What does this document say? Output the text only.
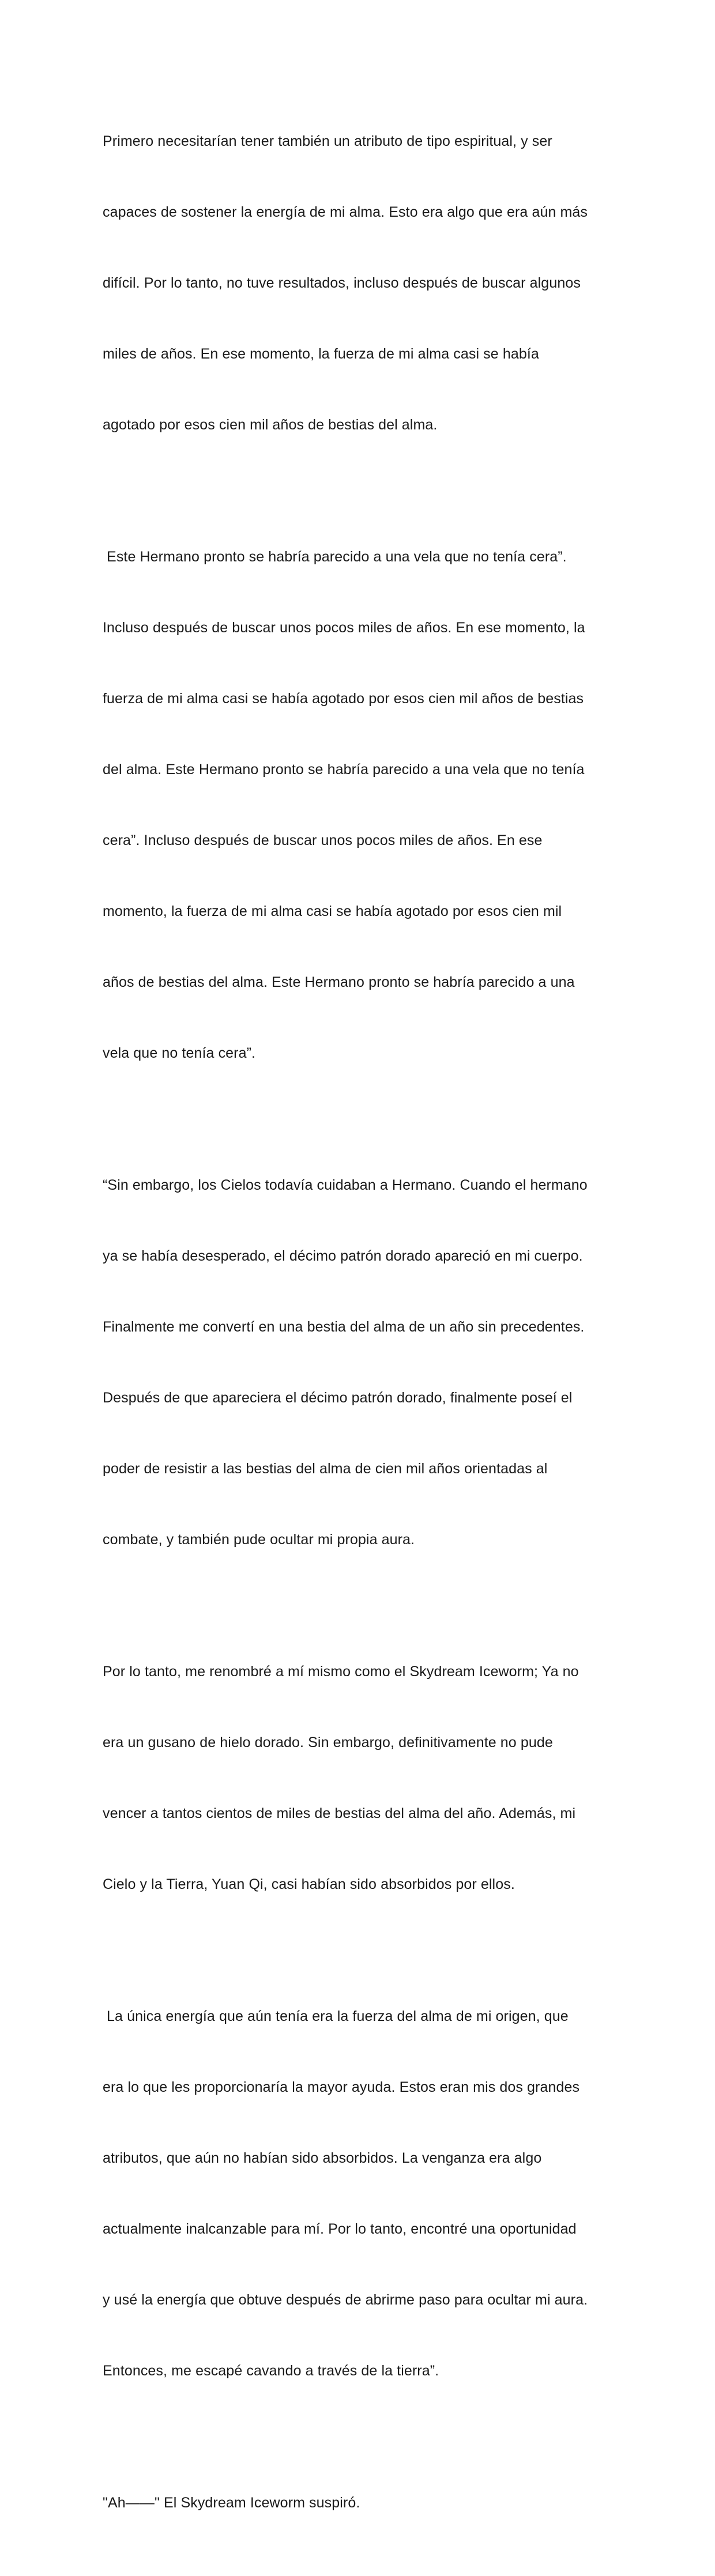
Primero necesitarían tener también un atributo de tipo espiritual, y ser

capaces de sostener la energía de mi alma. Esto era algo que era aún más

difícil. Por lo tanto, no tuve resultados, incluso después de buscar algunos

miles de años. En ese momento, la fuerza de mi alma casi se había

agotado por esos cien mil años de bestias del alma.

Este Hermano pronto se habría parecido a una vela que no tenía cera”.

Incluso después de buscar unos pocos miles de años. En ese momento, la

fuerza de mi alma casi se había agotado por esos cien mil años de bestias

del alma. Este Hermano pronto se habría parecido a una vela que no tenía

cera”. Incluso después de buscar unos pocos miles de años. En ese

momento, la fuerza de mi alma casi se había agotado por esos cien mil

años de bestias del alma. Este Hermano pronto se habría parecido a una

vela que no tenía cera”.

“Sin embargo, los Cielos todavía cuidaban a Hermano. Cuando el hermano

ya se había desesperado, el décimo patrón dorado apareció en mi cuerpo.

Finalmente me convertí en una bestia del alma de un año sin precedentes.

Después de que apareciera el décimo patrón dorado, finalmente poseí el

poder de resistir a las bestias del alma de cien mil años orientadas al

combate, y también pude ocultar mi propia aura.

Por lo tanto, me renombré a mí mismo como el Skydream Iceworm; Ya no

era un gusano de hielo dorado. Sin embargo, definitivamente no pude

vencer a tantos cientos de miles de bestias del alma del año. Además, mi

Cielo y la Tierra, Yuan Qi, casi habían sido absorbidos por ellos.

La única energía que aún tenía era la fuerza del alma de mi origen, que

era lo que les proporcionaría la mayor ayuda. Estos eran mis dos grandes

atributos, que aún no habían sido absorbidos. La venganza era algo

actualmente inalcanzable para mí. Por lo tanto, encontré una oportunidad

y usé la energía que obtuve después de abrirme paso para ocultar mi aura.

Entonces, me escapé cavando a través de la tierra”.

"Ah——" El Skydream Iceworm suspiró.
